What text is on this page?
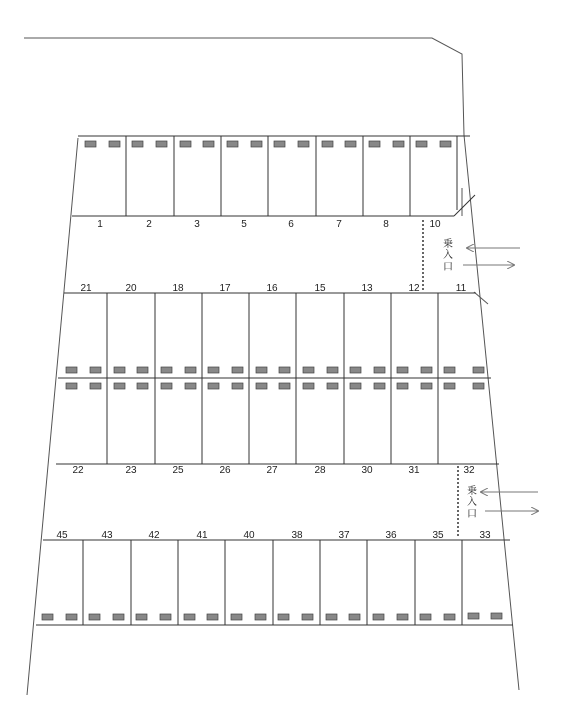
1	2	3	5	6	7	8	10
乗
入
口
21	20	18	17	16	15	13	12	11
22	23	25	26	27	28	30	31	32
乗
入
口
45	43	42	41	40	38	37	36	35	33
